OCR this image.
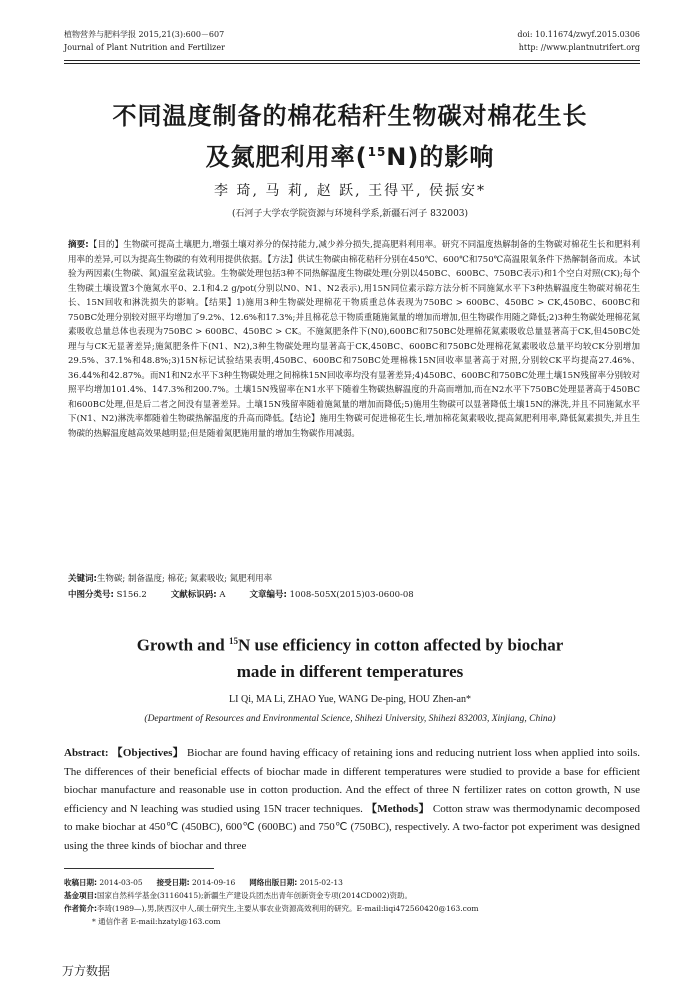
植物营养与肥料学报 2015,21(3):600－607	doi: 10.11674/zwyf.2015.0306
Journal of Plant Nutrition and Fertilizer	http: //www.plantnutrifert.org
不同温度制备的棉花秸秆生物碳对棉花生长
及氮肥利用率($^{15}$N)的影响
李 琦, 马 莉, 赵 跃, 王得平, 侯振安*
(石河子大学农学院资源与环境科学系,新疆石河子 832003)
摘要:【目的】生物碳可提高土壤肥力,增强土壤对养分的保持能力,减少养分损失,提高肥料利用率。研究不同温度热解制备的生物碳对棉花生长和肥料利用率的差异,可以为提高生物碳的有效利用提供依据。【方法】供试生物碳由棉花秸秆分别在450℃、600℃和750℃高温限氧条件下热解制备而成。本试验为两因素(生物碳、氮)温室盆栽试验。生物碳处理包括3种不同热解温度生物碳处理(分别以450BC、600BC、750BC表示)和1个空白对照(CK);每个生物碳土壤设置3个施氮水平0、2.1和4.2 g/pot(分别以N0、N1、N2表示),用15N同位素示踪方法分析不同施氮水平下3种热解温度生物碳对棉花生长、15N回收和淋洗损失的影响。【结果】1)施用3种生物碳处理棉花干物质重总体表现为750BC > 600BC、450BC > CK,450BC、600BC和750BC处理分别较对照平均增加了9.2%、12.6%和17.3%;并且棉花总干物质重随施氮量的增加而增加,但生物碳作用随之降低;2)3种生物碳处理棉花氮素吸收总量总体也表现为750BC > 600BC、450BC > CK。不施氮肥条件下(N0),600BC和750BC处理棉花氮素吸收总量显著高于CK,但450BC处理与与CK无显著差异;施氮肥条件下(N1、N2),3种生物碳处理均显著高于CK,450BC、600BC和750BC处理棉花氮素吸收总量平均较CK分别增加29.5%、37.1%和48.8%;3)15N标记试验结果表明,450BC、600BC和750BC处理棉株15N回收率显著高于对照,分别较CK平均提高27.46%、36.44%和42.87%。而N1和N2水平下3种生物碳处理之间棉株15N回收率均没有显著差异;4)450BC、600BC和750BC处理土壤15N残留率分别较对照平均增加101.4%、147.3%和200.7%。土壤15N残留率在N1水平下随着生物碳热解温度的升高而增加,而在N2水平下750BC处理显著高于450BC和600BC处理,但是后二者之间没有显著差异。土壤15N残留率随着施氮量的增加而降低;5)施用生物碳可以显著降低土壤15N的淋洗,并且不同施氮水平下(N1、N2)淋洗率都随着生物碳热解温度的升高而降低。【结论】施用生物碳可促进棉花生长,增加棉花氮素吸收,提高氮肥利用率,降低氮素损失,并且生物碳的热解温度越高效果越明显;但是随着氮肥施用量的增加生物碳作用减弱。
关键词:生物碳; 制备温度; 棉花; 氮素吸收; 氮肥利用率
中图分类号: S156.2	文献标识码: A	文章编号: 1008-505X(2015)03-0600-08
Growth and $^{15}$N use efficiency in cotton affected by biochar
made in different temperatures
LI Qi, MA Li, ZHAO Yue, WANG De-ping, HOU Zhen-an*
(Department of Resources and Environmental Science, Shihezi University, Shihezi 832003, Xinjiang, China)
Abstract: 【Objectives】 Biochar are found having efficacy of retaining ions and reducing nutrient loss when applied into soils. The differences of their beneficial effects of biochar made in different temperatures were studied to provide a base for efficient biochar manufacture and reasonable use in cotton production. And the effect of three N fertilizer rates on cotton growth, N use efficiency and N leaching was studied using 15N tracer techniques. 【Methods】 Cotton straw was thermodynamic decomposed to make biochar at 450℃ (450BC), 600℃ (600BC) and 750℃ (750BC), respectively. A two-factor pot experiment was designed using the three kinds of biochar and three
收稿日期: 2014-03-05 接受日期: 2014-09-16 网络出版日期: 2015-02-13
基金项目:国家自然科学基金(31160415);新疆生产建设兵团杰出青年创新资金专项(2014CD002)资助。
作者简介:李琦(1989—),男,陕西汉中人,硕士研究生,主要从事农业资源高效利用的研究。E-mail:liqi472560420@163.com
* 通信作者 E-mail:hzatyl@163.com
万方数据
